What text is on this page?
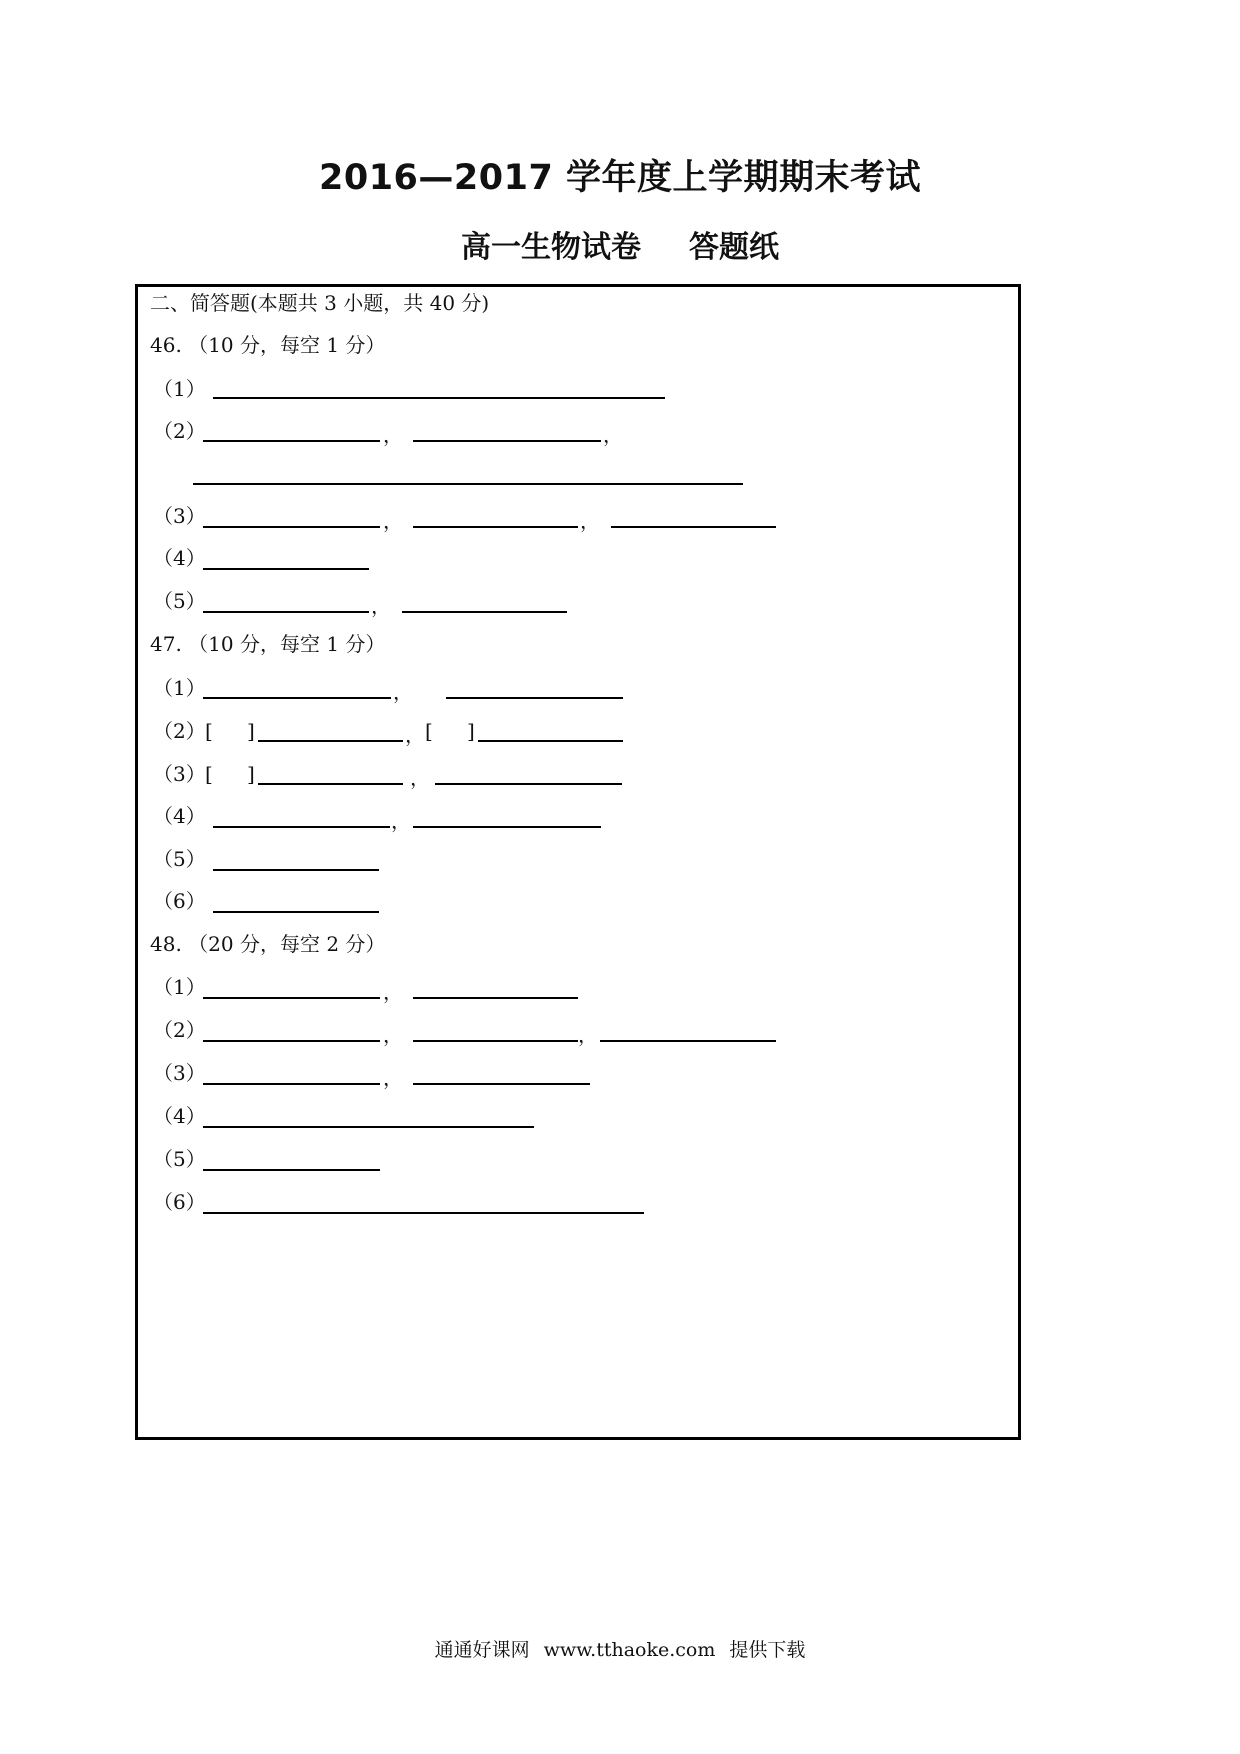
2016—2017 学年度上学期期末考试
高一生物试卷 答题纸
二、简答题(本题共 3 小题，共 40 分)
46. （10 分，每空 1 分）
（1）
（2）	，	，
（3）	，	，
（4）
（5）	，
47. （10 分，每空 1 分）
（1）	，
（2） [ ]	， [ ]
（3） [ ]	，
（4）	，
（5）
（6）
48. （20 分，每空 2 分）
（1）	，
（2）	，	，
（3）	，
（4）
（5）
（6）
通通好课网 www.tthaoke.com 提供下载
